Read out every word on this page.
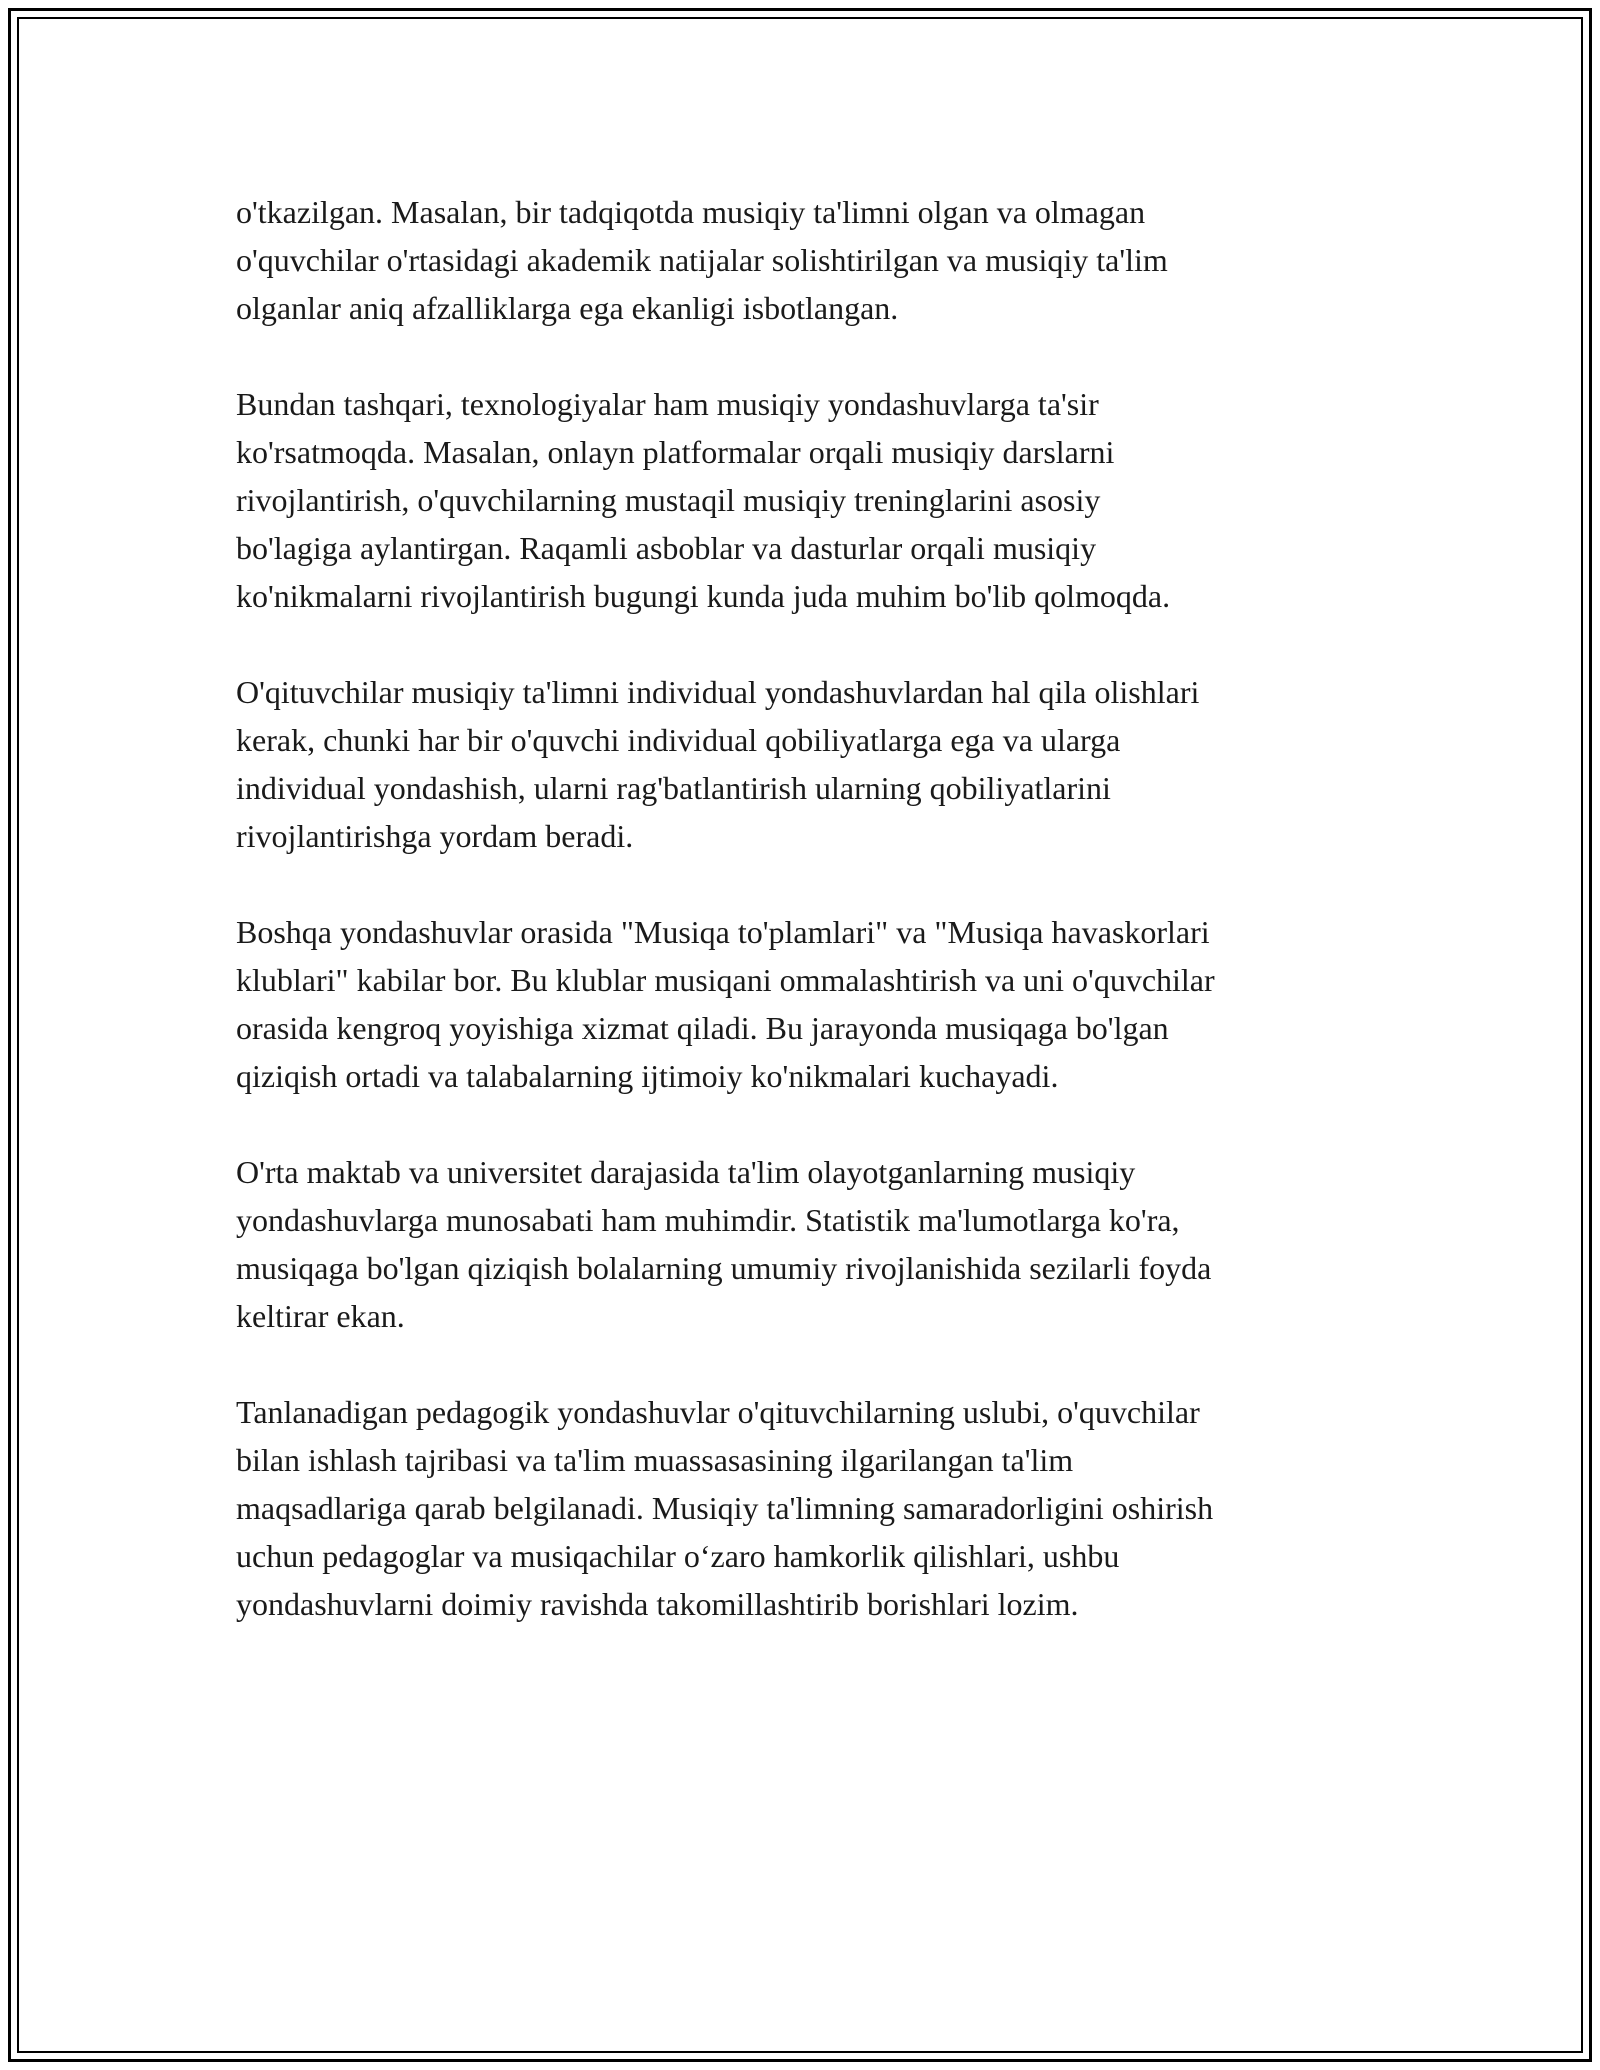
o'tkazilgan. Masalan, bir tadqiqotda musiqiy ta'limni olgan va olmagan
o'quvchilar o'rtasidagi akademik natijalar solishtirilgan va musiqiy ta'lim
olganlar aniq afzalliklarga ega ekanligi isbotlangan.

Bundan tashqari, texnologiyalar ham musiqiy yondashuvlarga ta'sir
ko'rsatmoqda. Masalan, onlayn platformalar orqali musiqiy darslarni
rivojlantirish, o'quvchilarning mustaqil musiqiy treninglarini asosiy
bo'lagiga aylantirgan. Raqamli asboblar va dasturlar orqali musiqiy
ko'nikmalarni rivojlantirish bugungi kunda juda muhim bo'lib qolmoqda.

O'qituvchilar musiqiy ta'limni individual yondashuvlardan hal qila olishlari
kerak, chunki har bir o'quvchi individual qobiliyatlarga ega va ularga
individual yondashish, ularni rag'batlantirish ularning qobiliyatlarini
rivojlantirishga yordam beradi.

Boshqa yondashuvlar orasida "Musiqa to'plamlari" va "Musiqa havaskorlari
klublari" kabilar bor. Bu klublar musiqani ommalashtirish va uni o'quvchilar
orasida kengroq yoyishiga xizmat qiladi. Bu jarayonda musiqaga bo'lgan
qiziqish ortadi va talabalarning ijtimoiy ko'nikmalari kuchayadi.

O'rta maktab va universitet darajasida ta'lim olayotganlarning musiqiy
yondashuvlarga munosabati ham muhimdir. Statistik ma'lumotlarga ko'ra,
musiqaga bo'lgan qiziqish bolalarning umumiy rivojlanishida sezilarli foyda
keltirar ekan.

Tanlanadigan pedagogik yondashuvlar o'qituvchilarning uslubi, o'quvchilar
bilan ishlash tajribasi va ta'lim muassasasining ilgarilangan ta'lim
maqsadlariga qarab belgilanadi. Musiqiy ta'limning samaradorligini oshirish
uchun pedagoglar va musiqachilar o‘zaro hamkorlik qilishlari, ushbu
yondashuvlarni doimiy ravishda takomillashtirib borishlari lozim.
